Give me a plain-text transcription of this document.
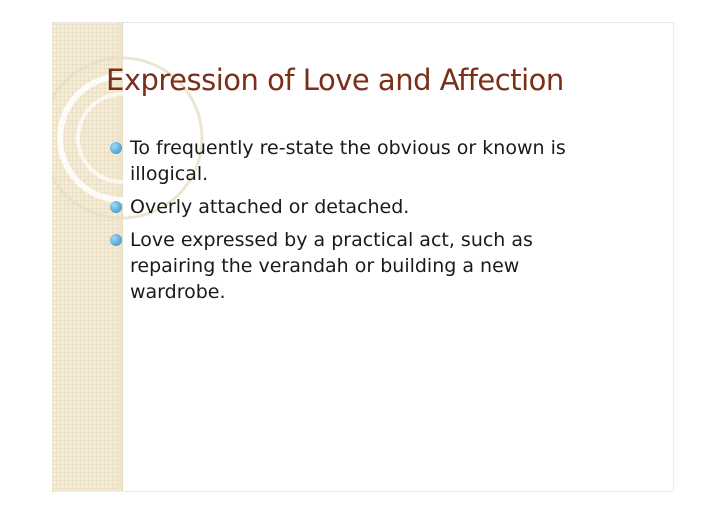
Expression of Love and Affection
To frequently re-state the obvious or known is illogical.
Overly attached or detached.
Love expressed by a practical act, such as repairing the verandah or building a new wardrobe.
